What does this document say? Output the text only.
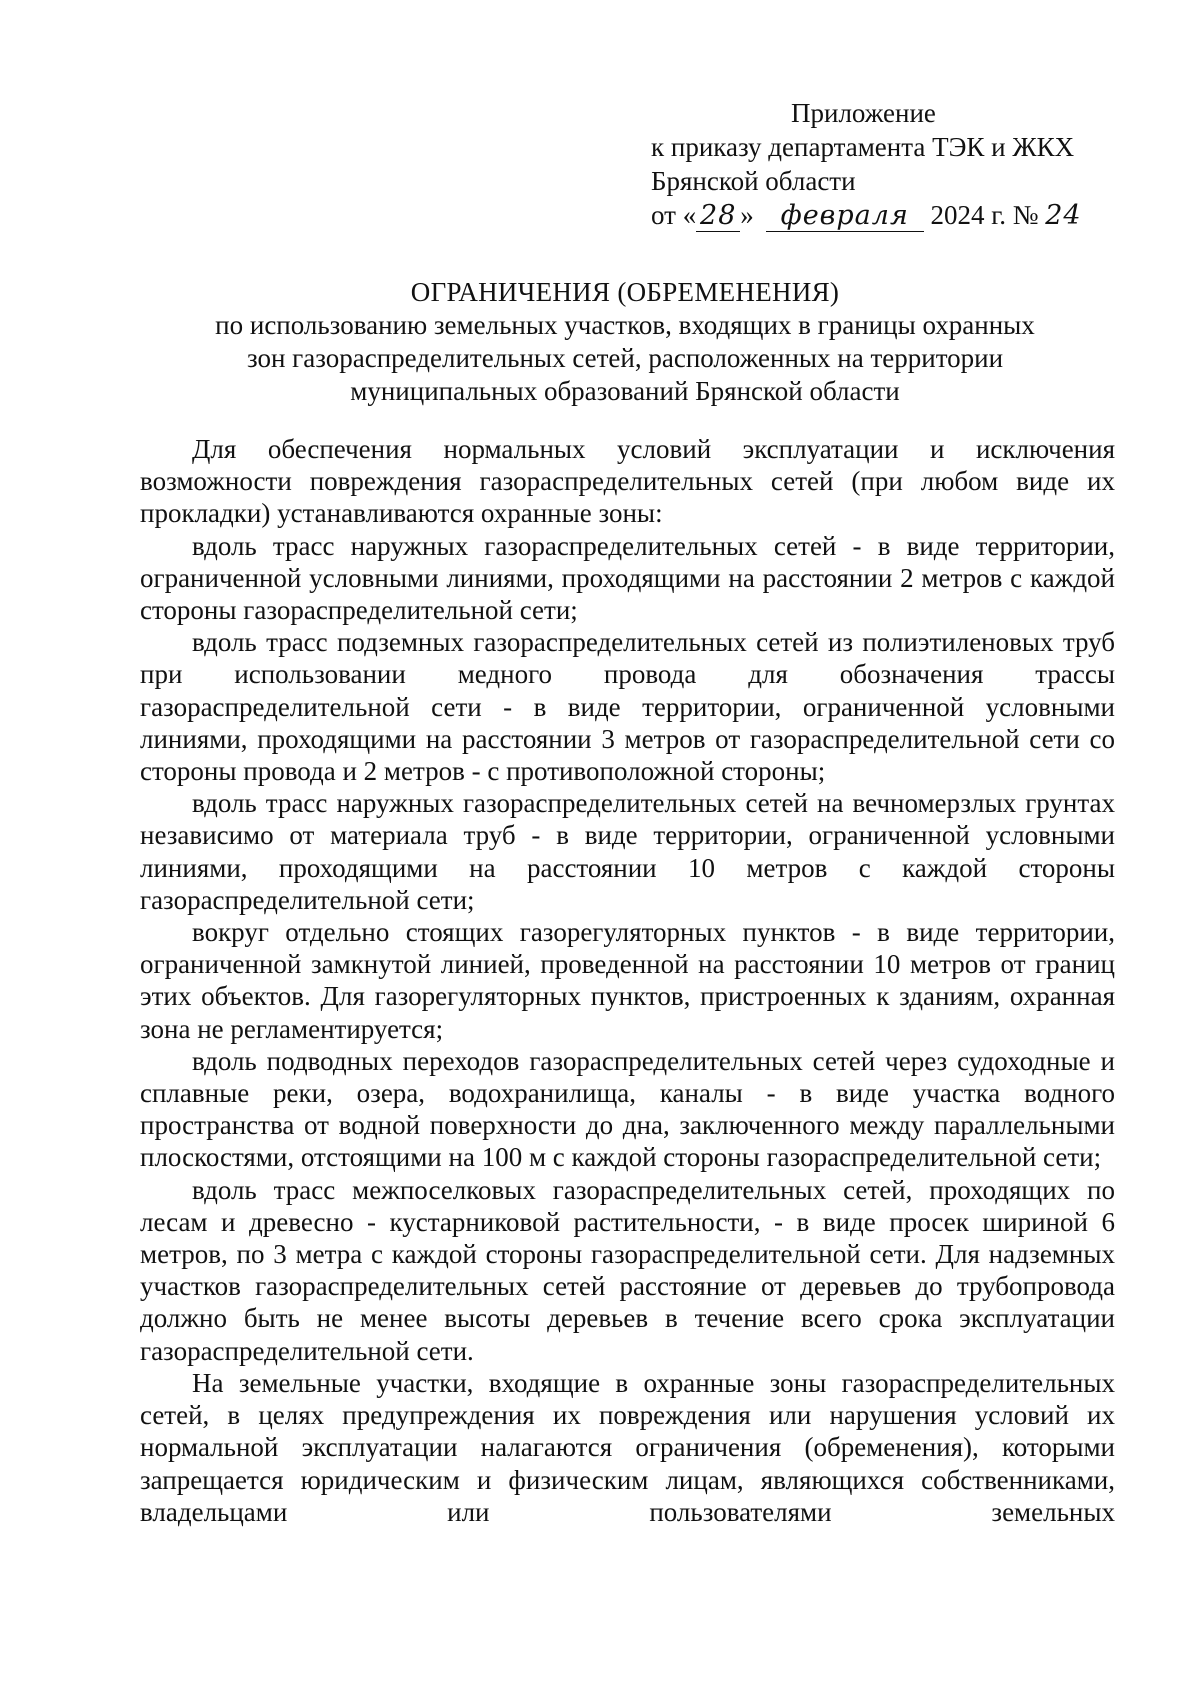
Приложение
к приказу департамента ТЭК и ЖКХ
Брянской области
от « 28 » февраля 2024 г. № 24
ОГРАНИЧЕНИЯ (ОБРЕМЕНЕНИЯ)
по использованию земельных участков, входящих в границы охранных
зон газораспределительных сетей, расположенных на территории
муниципальных образований Брянской области

Для обеспечения нормальных условий эксплуатации и исключения возможности повреждения газораспределительных сетей (при любом виде их прокладки) устанавливаются охранные зоны:

вдоль трасс наружных газораспределительных сетей - в виде территории, ограниченной условными линиями, проходящими на расстоянии 2 метров с каждой стороны газораспределительной сети;

вдоль трасс подземных газораспределительных сетей из полиэтиленовых труб при использовании медного провода для обозначения трассы газораспределительной сети - в виде территории, ограниченной условными линиями, проходящими на расстоянии 3 метров от газораспределительной сети со стороны провода и 2 метров - с противоположной стороны;

вдоль трасс наружных газораспределительных сетей на вечномерзлых грунтах независимо от материала труб - в виде территории, ограниченной условными линиями, проходящими на расстоянии 10 метров с каждой стороны газораспределительной сети;

вокруг отдельно стоящих газорегуляторных пунктов - в виде территории, ограниченной замкнутой линией, проведенной на расстоянии 10 метров от границ этих объектов. Для газорегуляторных пунктов, пристроенных к зданиям, охранная зона не регламентируется;

вдоль подводных переходов газораспределительных сетей через судоходные и сплавные реки, озера, водохранилища, каналы - в виде участка водного пространства от водной поверхности до дна, заключенного между параллельными плоскостями, отстоящими на 100 м с каждой стороны газораспределительной сети;

вдоль трасс межпоселковых газораспределительных сетей, проходящих по лесам и древесно - кустарниковой растительности, - в виде просек шириной 6 метров, по 3 метра с каждой стороны газораспределительной сети. Для надземных участков газораспределительных сетей расстояние от деревьев до трубопровода должно быть не менее высоты деревьев в течение всего срока эксплуатации газораспределительной сети.

На земельные участки, входящие в охранные зоны газораспределительных сетей, в целях предупреждения их повреждения или нарушения условий их нормальной эксплуатации налагаются ограничения (обременения), которыми запрещается юридическим и физическим лицам, являющихся собственниками, владельцами или пользователями земельных
